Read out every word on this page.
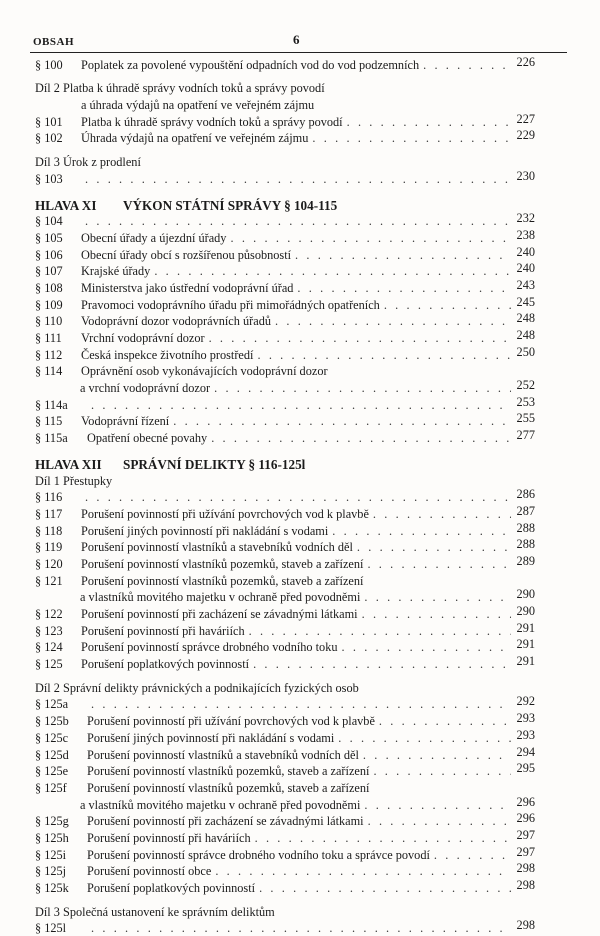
OBSAH	6
§ 100	Poplatek za povolené vypouštění odpadních vod do vod podzemních . . .	226
Díl 2 Platba k úhradě správy vodních toků a správy povodí
a úhrada výdajů na opatření ve veřejném zájmu
§ 101	Platba k úhradě správy vodních toků a správy povodí . . .	227
§ 102	Úhrada výdajů na opatření ve veřejném zájmu . . .	229
Díl 3 Úrok z prodlení
§ 103 . . .	230
HLAVA XI	VÝKON STÁTNÍ SPRÁVY § 104-115
§ 104 . . .	232
§ 105	Obecní úřady a újezdní úřady . . .	238
§ 106	Obecní úřady obcí s rozšířenou působností . . .	240
§ 107	Krajské úřady . . .	240
§ 108	Ministerstva jako ústřední vodoprávní úřad . . .	243
§ 109	Pravomoci vodoprávního úřadu při mimořádných opatřeních . . .	245
§ 110	Vodoprávní dozor vodoprávních úřadů . . .	248
§ 111	Vrchní vodoprávní dozor . . .	248
§ 112	Česká inspekce životního prostředí . . .	250
§ 114	Oprávnění osob vykonávajících vodoprávní dozor
a vrchní vodoprávní dozor . . .	252
§ 114a . . .	253
§ 115	Vodoprávní řízení . . .	255
§ 115a	Opatření obecné povahy . . .	277
HLAVA XII	SPRÁVNÍ DELIKTY § 116-125l
Díl 1 Přestupky
§ 116 . . .	286
§ 117	Porušení povinností při užívání povrchových vod k plavbě . . .	287
§ 118	Porušení jiných povinností při nakládání s vodami . . .	288
§ 119	Porušení povinností vlastníků a stavebníků vodních děl . . .	288
§ 120	Porušení povinností vlastníků pozemků, staveb a zařízení . . .	289
§ 121	Porušení povinností vlastníků pozemků, staveb a zařízení
a vlastníků movitého majetku v ochraně před povodněmi . . .	290
§ 122	Porušení povinností při zacházení se závadnými látkami . . .	290
§ 123	Porušení povinností při haváriích . . .	291
§ 124	Porušení povinností správce drobného vodního toku . . .	291
§ 125	Porušení poplatkových povinností . . .	291
Díl 2 Správní delikty právnických a podnikajících fyzických osob
§ 125a . . .	292
§ 125b	Porušení povinností při užívání povrchových vod k plavbě . . .	293
§ 125c	Porušení jiných povinností při nakládání s vodami . . .	293
§ 125d	Porušení povinností vlastníků a stavebníků vodních děl . . .	294
§ 125e	Porušení povinností vlastníků pozemků, staveb a zařízení . . .	295
§ 125f	Porušení povinností vlastníků pozemků, staveb a zařízení
a vlastníků movitého majetku v ochraně před povodněmi . . .	296
§ 125g	Porušení povinností při zacházení se závadnými látkami . . .	296
§ 125h	Porušení povinností při haváriích . . .	297
§ 125i	Porušení povinností správce drobného vodního toku a správce povodí . . .	297
§ 125j	Porušení povinností obce . . .	298
§ 125k	Porušení poplatkových povinností . . .	298
Díl 3 Společná ustanovení ke správním deliktům
§ 125l . . .	298
